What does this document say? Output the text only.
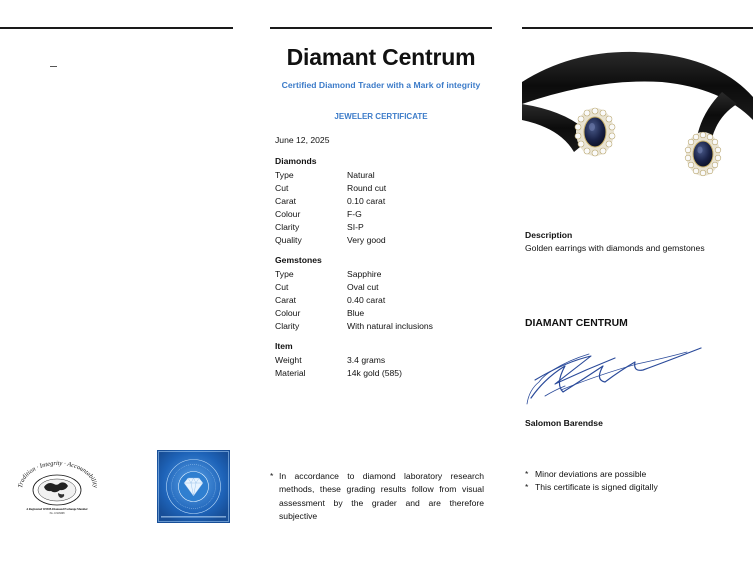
Tradition · Integrity · Accountability
A Registered WFDB-Diamond Exchange Member
No. 11918268
Diamant Centrum
Certified Diamond Trader with a Mark of integrity
JEWELER CERTIFICATE
June 12, 2025
Diamonds
Type	Natural
Cut	Round cut
Carat	0.10 carat
Colour	F-G
Clarity	SI-P
Quality	Very good
Gemstones
Type	Sapphire
Cut	Oval cut
Carat	0.40 carat
Colour	Blue
Clarity	With natural inclusions
Item
Weight	3.4 grams
Material	14k gold (585)
* In accordance to diamond laboratory research methods, these grading results follow from visual assessment by the grader and are therefore subjective
Description
Golden earrings with diamonds and gemstones
DIAMANT CENTRUM
Salomon Barendse
* Minor deviations are possible
* This certificate is signed digitally
